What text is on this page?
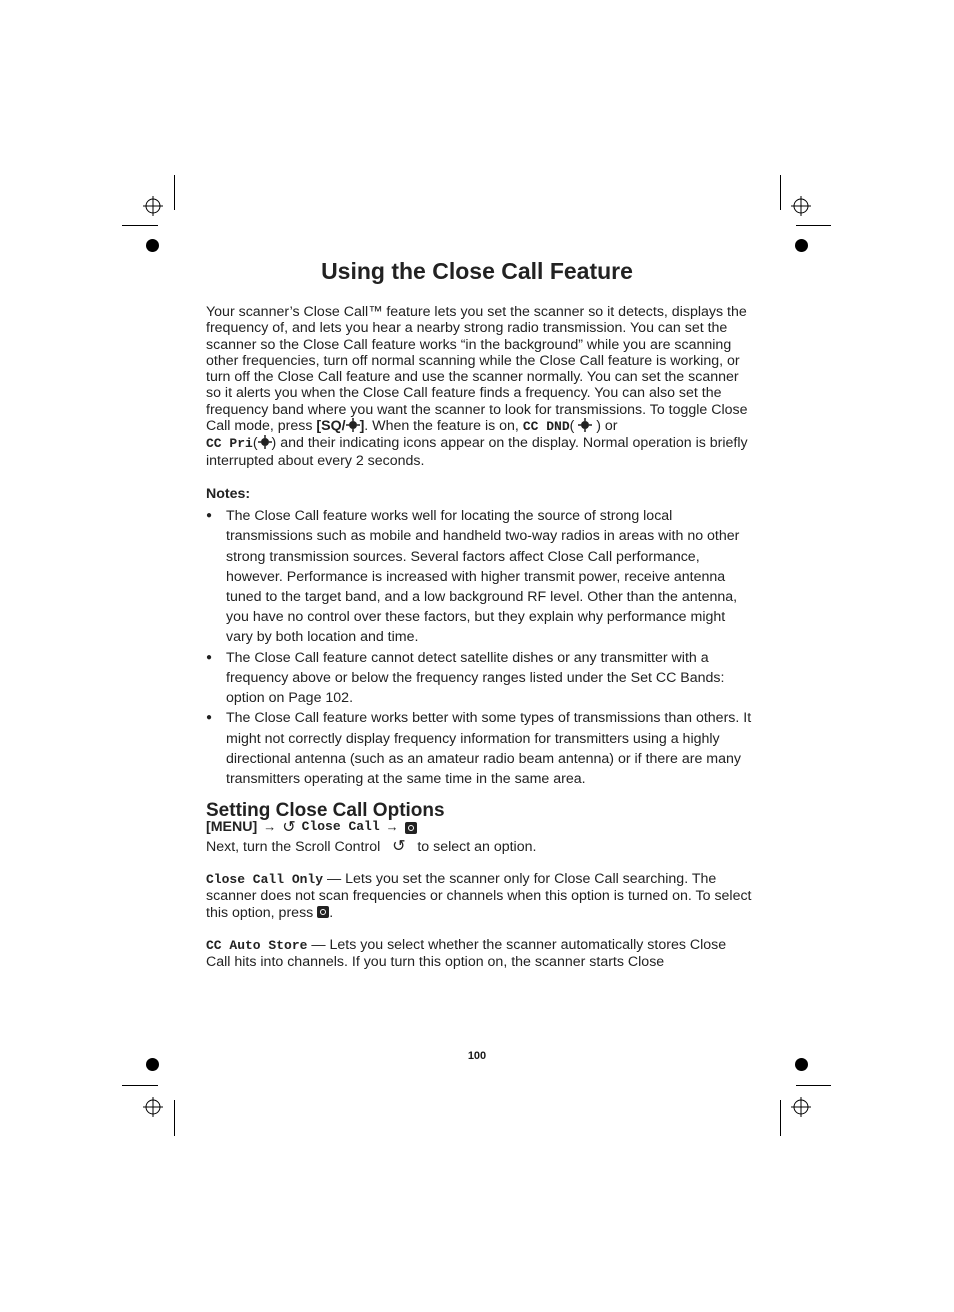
Using the Close Call Feature

Your scanner’s Close Call™ feature lets you set the scanner so it detects, displays the frequency of, and lets you hear a nearby strong radio transmission. You can set the scanner so the Close Call feature works “in the background” while you are scanning other frequencies, turn off normal scanning while the Close Call feature is working, or turn off the Close Call feature and use the scanner normally. You can set the scanner so it alerts you when the Close Call feature finds a frequency. You can also set the frequency band where you want the scanner to look for transmissions. To toggle Close Call mode, press [SQ/ ]. When the feature is on, CC DND(  ) or
CC Pri( ) and their indicating icons appear on the display. Normal operation is briefly interrupted about every 2 seconds.

Notes:

● The Close Call feature works well for locating the source of strong local transmissions such as mobile and handheld two-way radios in areas with no other strong transmission sources. Several factors affect Close Call performance, however. Performance is increased with higher transmit power, receive antenna tuned to the target band, and a low background RF level. Other than the antenna, you have no control over these factors, but they explain why performance might vary by both location and time.
● The Close Call feature cannot detect satellite dishes or any transmitter with a frequency above or below the frequency ranges listed under the Set CC Bands: option on Page 102.
● The Close Call feature works better with some types of transmissions than others. It might not correctly display frequency information for transmitters using a highly directional antenna (such as an amateur radio beam antenna) or if there are many transmitters operating at the same time in the same area.
Setting Close Call Options

[MENU] → ↺ Close Call →

Next, turn the Scroll Control ↺ to select an option.

Close Call Only — Lets you set the scanner only for Close Call searching. The scanner does not scan frequencies or channels when this option is turned on. To select this option, press .

CC Auto Store — Lets you select whether the scanner automatically stores Close Call hits into channels. If you turn this option on, the scanner starts Close

100
